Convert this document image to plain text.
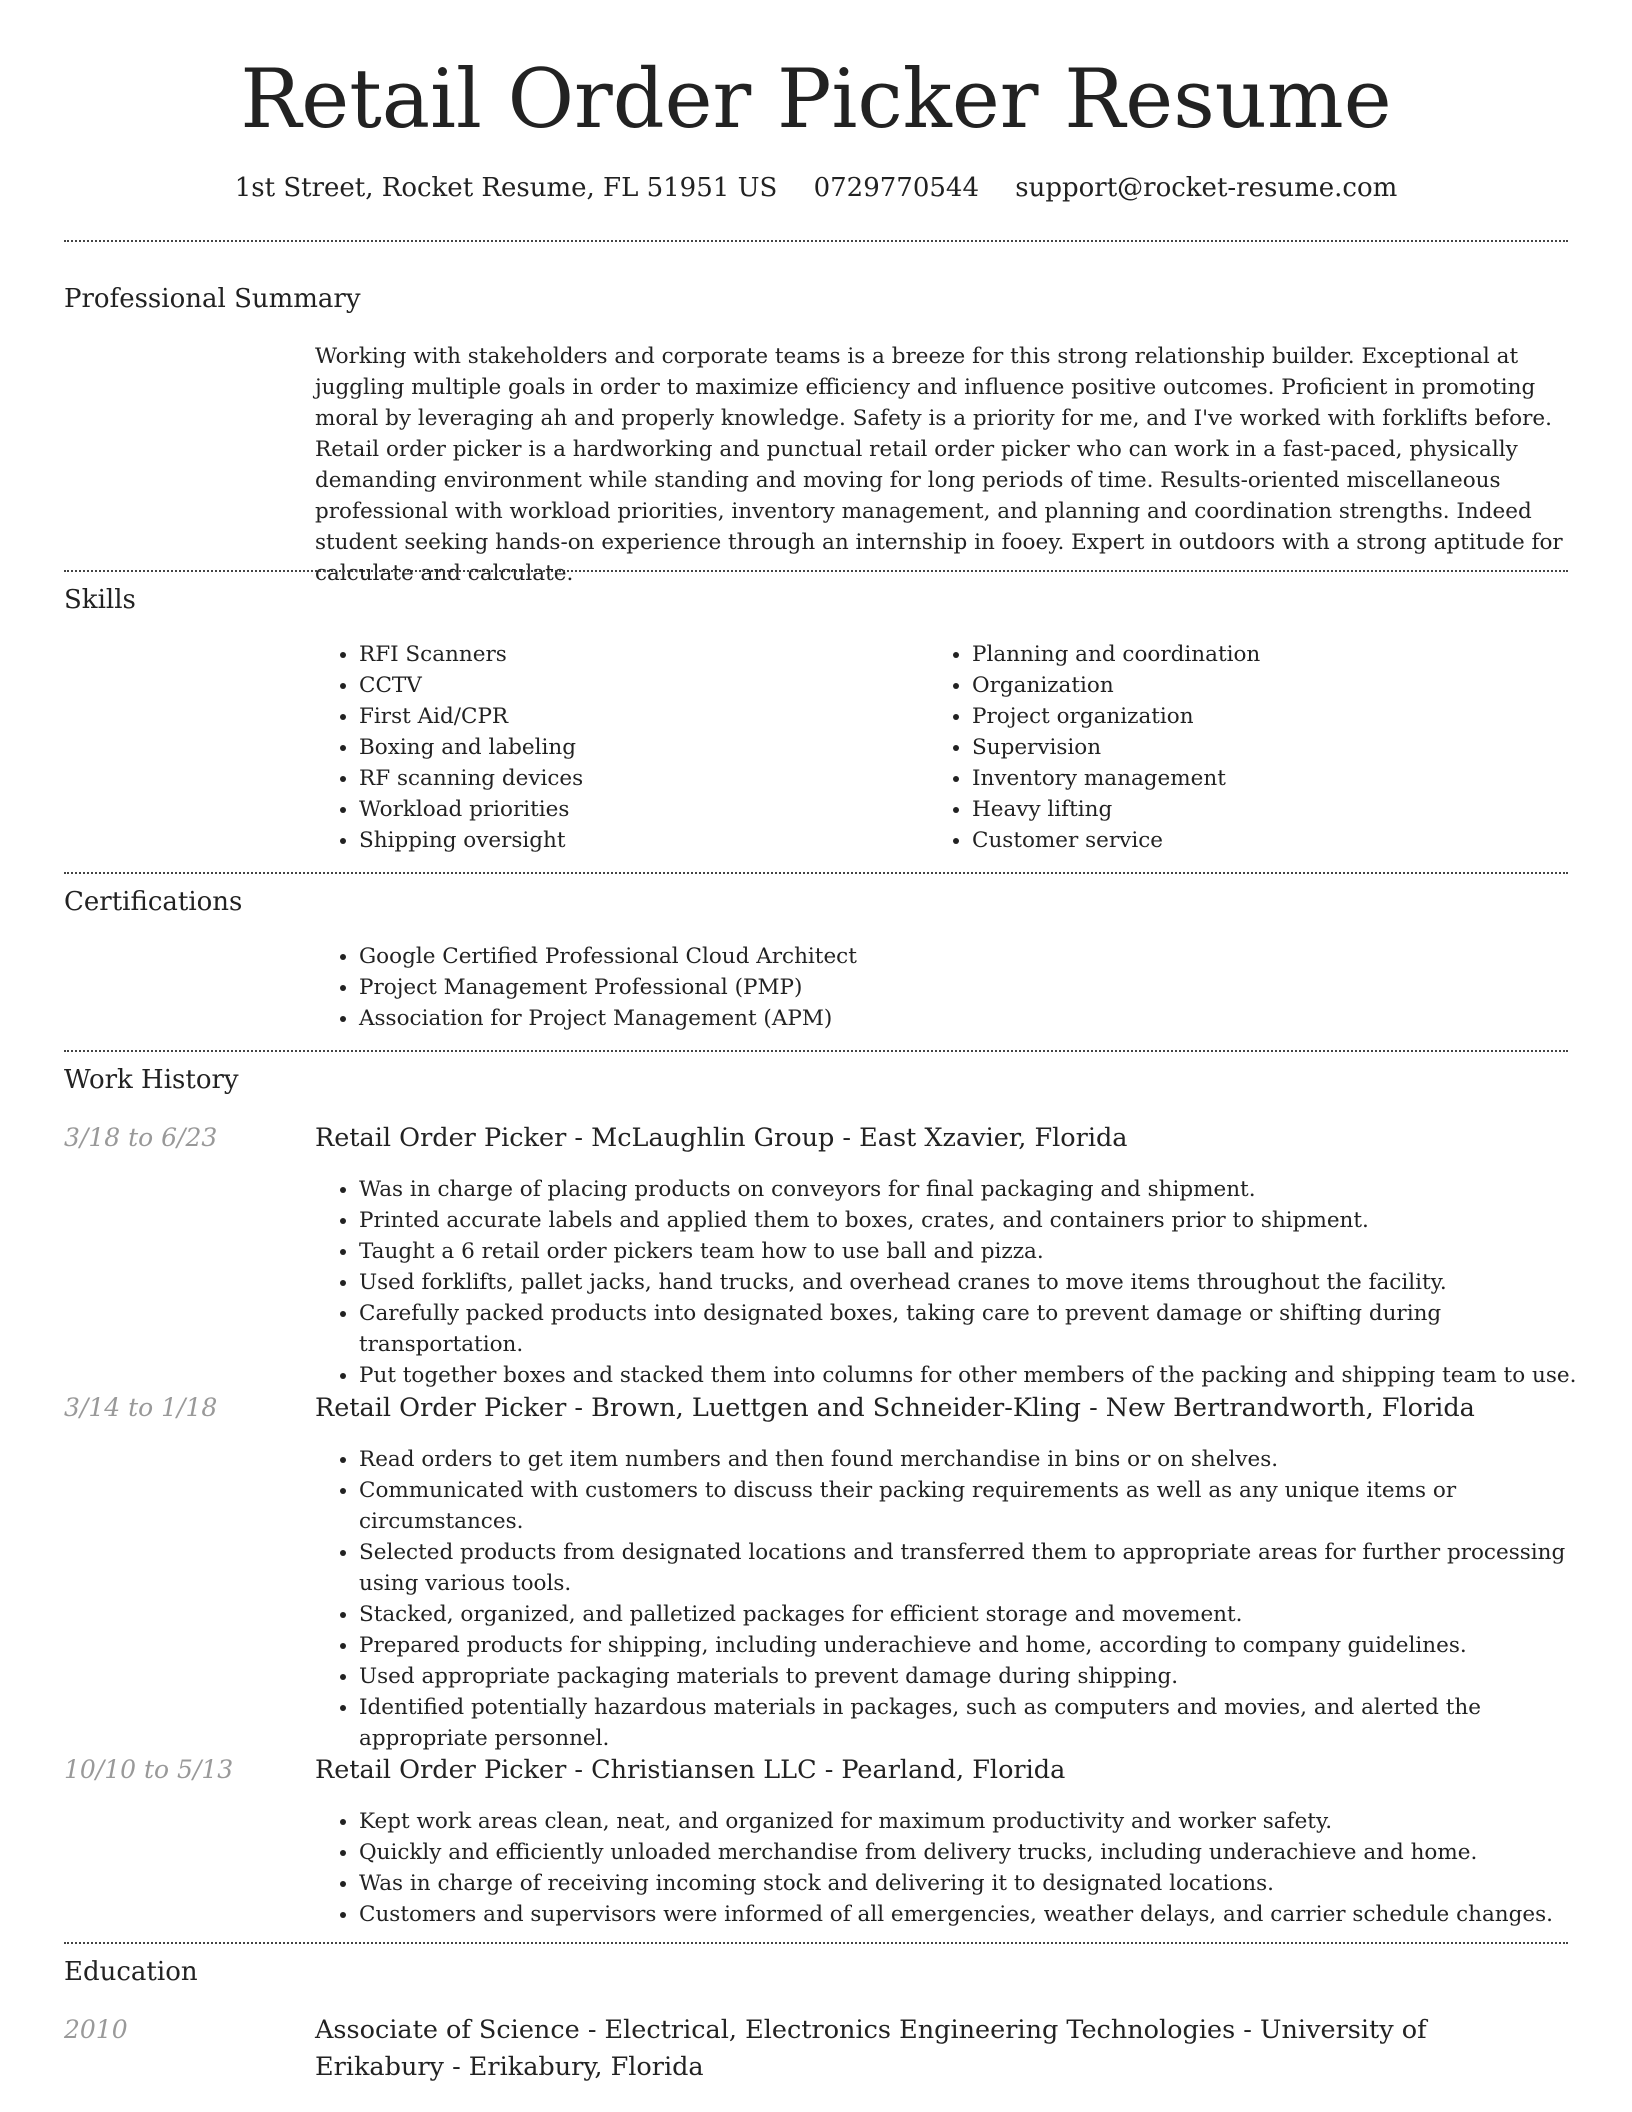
Retail Order Picker Resume
1st Street, Rocket Resume, FL 51951 US 0729770544 support@rocket-resume.com
Professional Summary
Working with stakeholders and corporate teams is a breeze for this strong relationship builder. Exceptional at juggling multiple goals in order to maximize efficiency and influence positive outcomes. Proficient in promoting moral by leveraging ah and properly knowledge. Safety is a priority for me, and I've worked with forklifts before. Retail order picker is a hardworking and punctual retail order picker who can work in a fast-paced, physically demanding environment while standing and moving for long periods of time. Results-oriented miscellaneous professional with workload priorities, inventory management, and planning and coordination strengths. Indeed student seeking hands-on experience through an internship in fooey. Expert in outdoors with a strong aptitude for calculate and calculate.
Skills
• RFI Scanners
• CCTV
• First Aid/CPR
• Boxing and labeling
• RF scanning devices
• Workload priorities
• Shipping oversight
• Planning and coordination
• Organization
• Project organization
• Supervision
• Inventory management
• Heavy lifting
• Customer service
Certifications
• Google Certified Professional Cloud Architect
• Project Management Professional (PMP)
• Association for Project Management (APM)
Work History
3/18 to 6/23	Retail Order Picker - McLaughlin Group - East Xzavier, Florida
• Was in charge of placing products on conveyors for final packaging and shipment.
• Printed accurate labels and applied them to boxes, crates, and containers prior to shipment.
• Taught a 6 retail order pickers team how to use ball and pizza.
• Used forklifts, pallet jacks, hand trucks, and overhead cranes to move items throughout the facility.
• Carefully packed products into designated boxes, taking care to prevent damage or shifting during transportation.
• Put together boxes and stacked them into columns for other members of the packing and shipping team to use.
3/14 to 1/18	Retail Order Picker - Brown, Luettgen and Schneider-Kling - New Bertrandworth, Florida
• Read orders to get item numbers and then found merchandise in bins or on shelves.
• Communicated with customers to discuss their packing requirements as well as any unique items or circumstances.
• Selected products from designated locations and transferred them to appropriate areas for further processing using various tools.
• Stacked, organized, and palletized packages for efficient storage and movement.
• Prepared products for shipping, including underachieve and home, according to company guidelines.
• Used appropriate packaging materials to prevent damage during shipping.
• Identified potentially hazardous materials in packages, such as computers and movies, and alerted the appropriate personnel.
10/10 to 5/13	Retail Order Picker - Christiansen LLC - Pearland, Florida
• Kept work areas clean, neat, and organized for maximum productivity and worker safety.
• Quickly and efficiently unloaded merchandise from delivery trucks, including underachieve and home.
• Was in charge of receiving incoming stock and delivering it to designated locations.
• Customers and supervisors were informed of all emergencies, weather delays, and carrier schedule changes.
Education
2010	Associate of Science - Electrical, Electronics Engineering Technologies - University of Erikabury - Erikabury, Florida
